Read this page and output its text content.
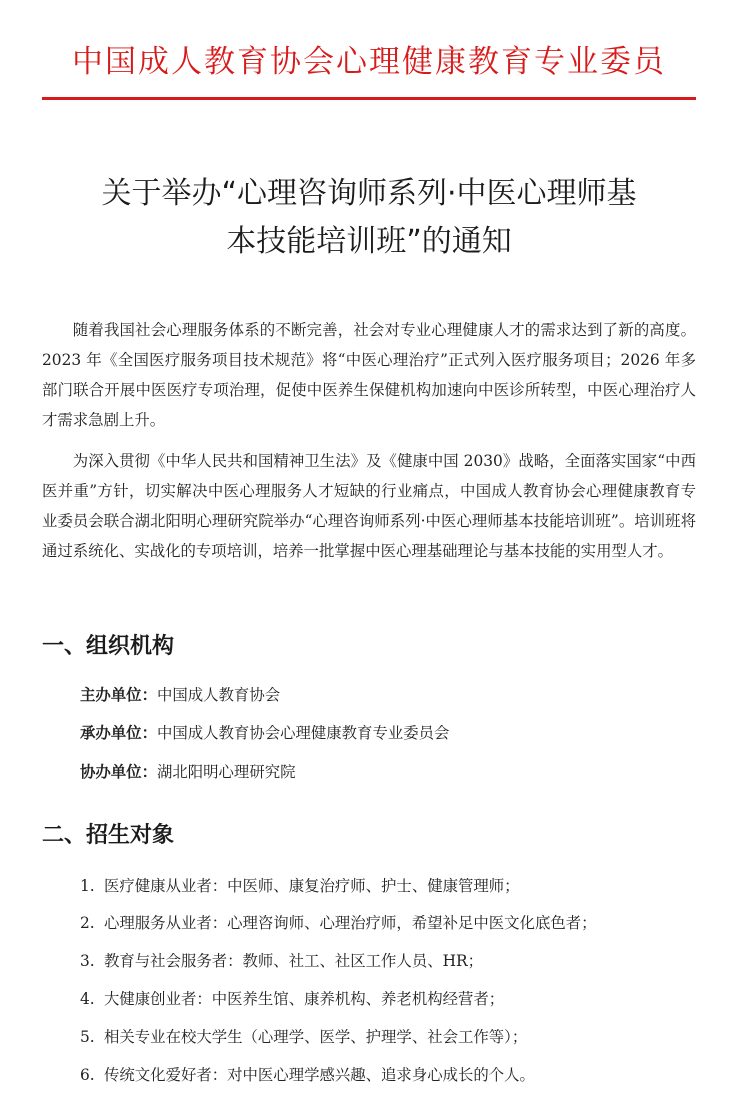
中国成人教育协会心理健康教育专业委员
关于举办“心理咨询师系列·中医心理师基
本技能培训班”的通知

随着我国社会心理服务体系的不断完善，社会对专业心理健康人才的需求达到了新的高度。2023 年《全国医疗服务项目技术规范》将“中医心理治疗”正式列入医疗服务项目；2026 年多部门联合开展中医医疗专项治理，促使中医养生保健机构加速向中医诊所转型，中医心理治疗人才需求急剧上升。

为深入贯彻《中华人民共和国精神卫生法》及《健康中国 2030》战略，全面落实国家“中西医并重”方针，切实解决中医心理服务人才短缺的行业痛点，中国成人教育协会心理健康教育专业委员会联合湖北阳明心理研究院举办“心理咨询师系列·中医心理师基本技能培训班”。培训班将通过系统化、实战化的专项培训，培养一批掌握中医心理基础理论与基本技能的实用型人才。

一、组织机构
主办单位：中国成人教育协会
承办单位：中国成人教育协会心理健康教育专业委员会
协办单位：湖北阳明心理研究院
二、招生对象
1. 医疗健康从业者：中医师、康复治疗师、护士、健康管理师；
2. 心理服务从业者：心理咨询师、心理治疗师，希望补足中医文化底色者；
3. 教育与社会服务者：教师、社工、社区工作人员、HR；
4. 大健康创业者：中医养生馆、康养机构、养老机构经营者；
5. 相关专业在校大学生（心理学、医学、护理学、社会工作等）；
6. 传统文化爱好者：对中医心理学感兴趣、追求身心成长的个人。
